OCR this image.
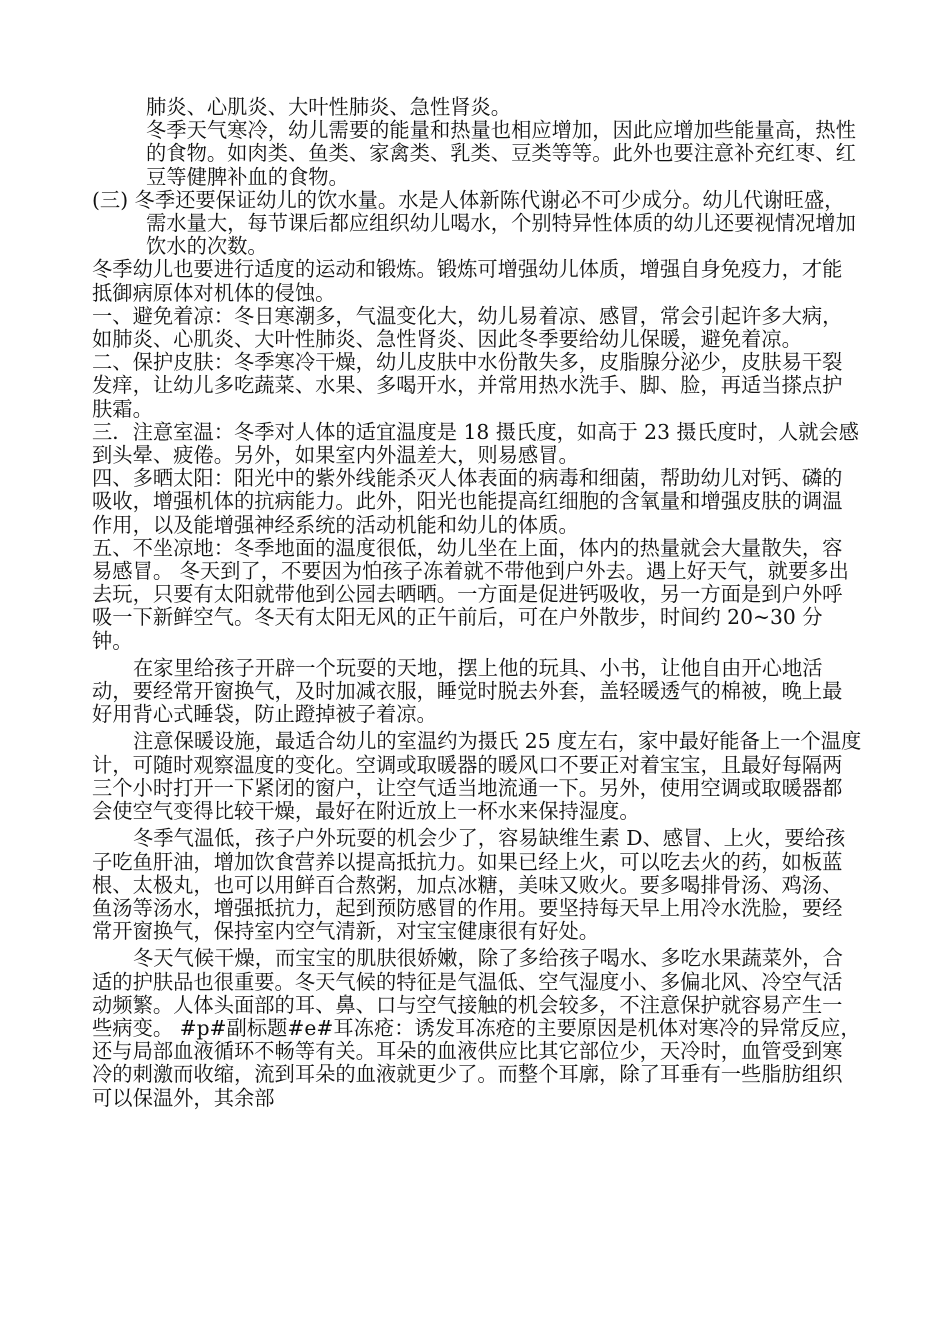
肺炎、心肌炎、大叶性肺炎、急性肾炎。

冬季天气寒冷，幼儿需要的能量和热量也相应增加，因此应增加些能量高，热性的食物。如肉类、鱼类、家禽类、乳类、豆类等等。此外也要注意补充红枣、红豆等健脾补血的食物。

(三) 冬季还要保证幼儿的饮水量。水是人体新陈代谢必不可少成分。幼儿代谢旺盛，需水量大，每节课后都应组织幼儿喝水，个别特异性体质的幼儿还要视情况增加饮水的次数。

冬季幼儿也要进行适度的运动和锻炼。锻炼可增强幼儿体质，增强自身免疫力，才能抵御病原体对机体的侵蚀。

一、避免着凉：冬日寒潮多，气温变化大，幼儿易着凉、感冒，常会引起许多大病，如肺炎、心肌炎、大叶性肺炎、急性肾炎、因此冬季要给幼儿保暖，避免着凉。

二、保护皮肤：冬季寒冷干燥，幼儿皮肤中水份散失多，皮脂腺分泌少，皮肤易干裂发痒，让幼儿多吃蔬菜、水果、多喝开水，并常用热水洗手、脚、脸，再适当搽点护肤霜。

三．注意室温：冬季对人体的适宜温度是 18 摄氏度，如高于 23 摄氏度时，人就会感到头晕、疲倦。另外，如果室内外温差大，则易感冒。

四、多晒太阳：阳光中的紫外线能杀灭人体表面的病毒和细菌，帮助幼儿对钙、磷的吸收，增强机体的抗病能力。此外，阳光也能提高红细胞的含氧量和增强皮肤的调温作用，以及能增强神经系统的活动机能和幼儿的体质。

五、不坐凉地：冬季地面的温度很低，幼儿坐在上面，体内的热量就会大量散失，容易感冒。 冬天到了，不要因为怕孩子冻着就不带他到户外去。遇上好天气，就要多出去玩，只要有太阳就带他到公园去晒晒。一方面是促进钙吸收，另一方面是到户外呼吸一下新鲜空气。冬天有太阳无风的正午前后，可在户外散步，时间约 20~30 分钟。

在家里给孩子开辟一个玩耍的天地，摆上他的玩具、小书，让他自由开心地活动，要经常开窗换气，及时加减衣服，睡觉时脱去外套，盖轻暖透气的棉被，晚上最好用背心式睡袋，防止蹬掉被子着凉。

注意保暖设施，最适合幼儿的室温约为摄氏 25 度左右，家中最好能备上一个温度计，可随时观察温度的变化。空调或取暖器的暖风口不要正对着宝宝，且最好每隔两三个小时打开一下紧闭的窗户，让空气适当地流通一下。另外，使用空调或取暖器都会使空气变得比较干燥，最好在附近放上一杯水来保持湿度。

冬季气温低，孩子户外玩耍的机会少了，容易缺维生素 D、感冒、上火，要给孩子吃鱼肝油，增加饮食营养以提高抵抗力。如果已经上火，可以吃去火的药，如板蓝根、太极丸，也可以用鲜百合熬粥，加点冰糖，美味又败火。要多喝排骨汤、鸡汤、鱼汤等汤水，增强抵抗力，起到预防感冒的作用。要坚持每天早上用冷水洗脸，要经常开窗换气，保持室内空气清新，对宝宝健康很有好处。

冬天气候干燥，而宝宝的肌肤很娇嫩，除了多给孩子喝水、多吃水果蔬菜外，合适的护肤品也很重要。冬天气候的特征是气温低、空气湿度小、多偏北风、冷空气活动频繁。人体头面部的耳、鼻、口与空气接触的机会较多，不注意保护就容易产生一些病变。 #p#副标题#e#耳冻疮：诱发耳冻疮的主要原因是机体对寒冷的异常反应，还与局部血液循环不畅等有关。耳朵的血液供应比其它部位少，天冷时，血管受到寒冷的刺激而收缩，流到耳朵的血液就更少了。而整个耳廓，除了耳垂有一些脂肪组织可以保温外，其余部
